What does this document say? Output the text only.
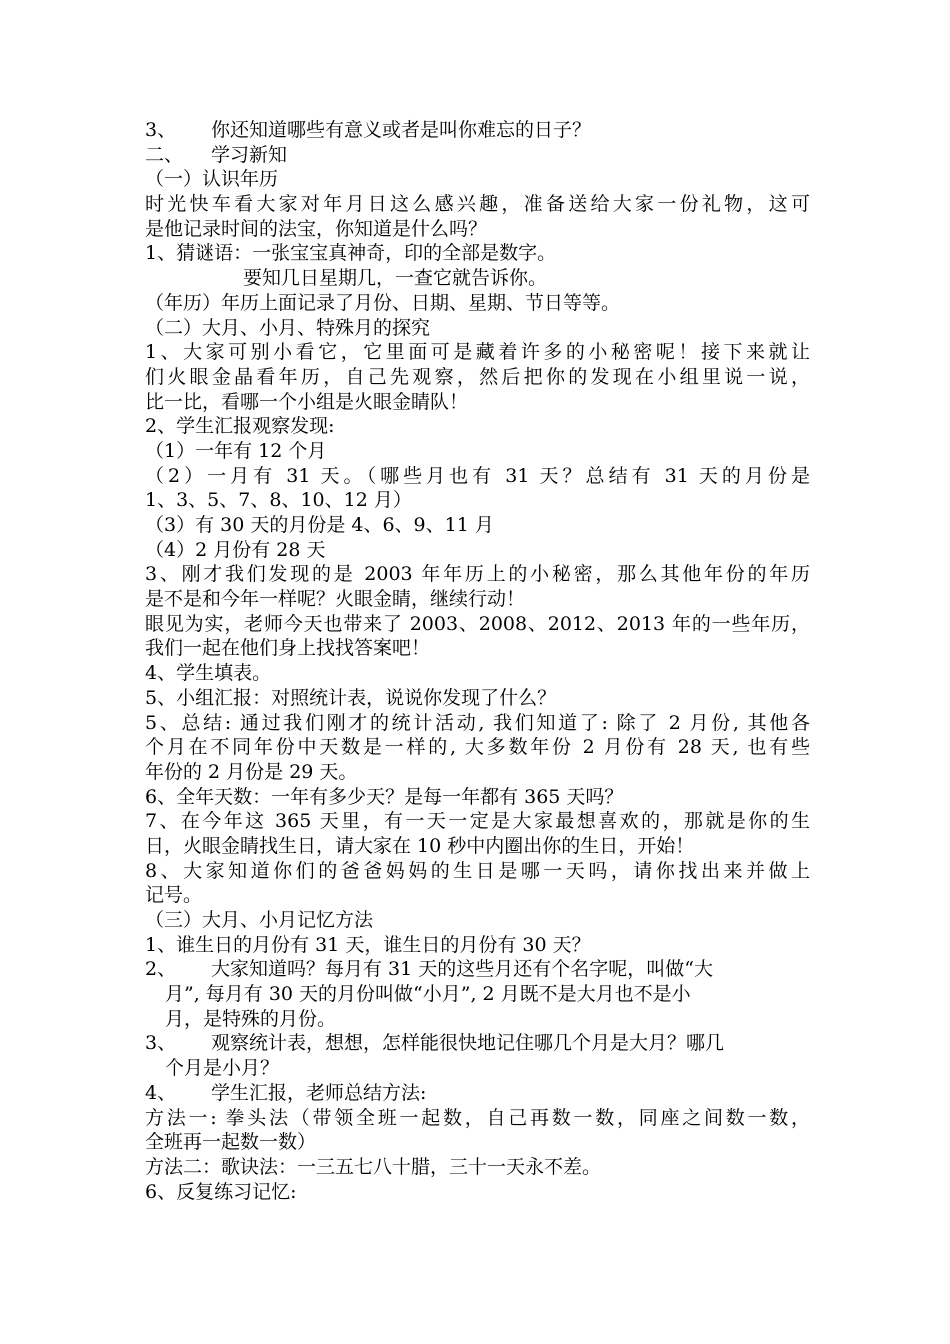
3、 你还知道哪些有意义或者是叫你难忘的日子？
二、 学习新知
（一）认识年历
时光快车看大家对年月日这么感兴趣，准备送给大家一份礼物，这可
是他记录时间的法宝，你知道是什么吗？
1、猜谜语：一张宝宝真神奇，印的全部是数字。
要知几日星期几，一查它就告诉你。
（年历）年历上面记录了月份、日期、星期、节日等等。
（二）大月、小月、特殊月的探究
1、大家可别小看它，它里面可是藏着许多的小秘密呢！接下来就让
们火眼金晶看年历，自己先观察，然后把你的发现在小组里说一说，
比一比，看哪一个小组是火眼金睛队！
2、学生汇报观察发现:
（1）一年有 12 个月
（2）一月有 31 天。（哪些月也有 31 天？总结有 31 天的月份是
1、3、5、7、8、10、12 月）
（3）有 30 天的月份是 4、6、9、11 月
（4）2 月份有 28 天
3、刚才我们发现的是 2003 年年历上的小秘密，那么其他年份的年历
是不是和今年一样呢？火眼金睛，继续行动！
眼见为实，老师今天也带来了 2003、2008、2012、2013 年的一些年历，
我们一起在他们身上找找答案吧！
4、学生填表。
5、小组汇报：对照统计表，说说你发现了什么？
5、总结: 通过我们刚才的统计活动, 我们知道了: 除了 2 月份, 其他各
个月在不同年份中天数是一样的, 大多数年份 2 月份有 28 天, 也有些
年份的 2 月份是 29 天。
6、全年天数：一年有多少天？是每一年都有 365 天吗？
7、在今年这 365 天里，有一天一定是大家最想喜欢的，那就是你的生
日，火眼金睛找生日，请大家在 10 秒中内圈出你的生日，开始！
8、大家知道你们的爸爸妈妈的生日是哪一天吗，请你找出来并做上
记号。
（三）大月、小月记忆方法
1、谁生日的月份有 31 天，谁生日的月份有 30 天？
2、 大家知道吗？每月有 31 天的这些月还有个名字呢，叫做“大
月”, 每月有 30 天的月份叫做“小月”, 2 月既不是大月也不是小
月，是特殊的月份。
3、 观察统计表，想想，怎样能很快地记住哪几个月是大月？哪几
个月是小月？
4、 学生汇报，老师总结方法:
方法一: 拳头法（带领全班一起数，自己再数一数，同座之间数一数，
全班再一起数一数）
方法二：歌诀法：一三五七八十腊，三十一天永不差。
6、反复练习记忆:
